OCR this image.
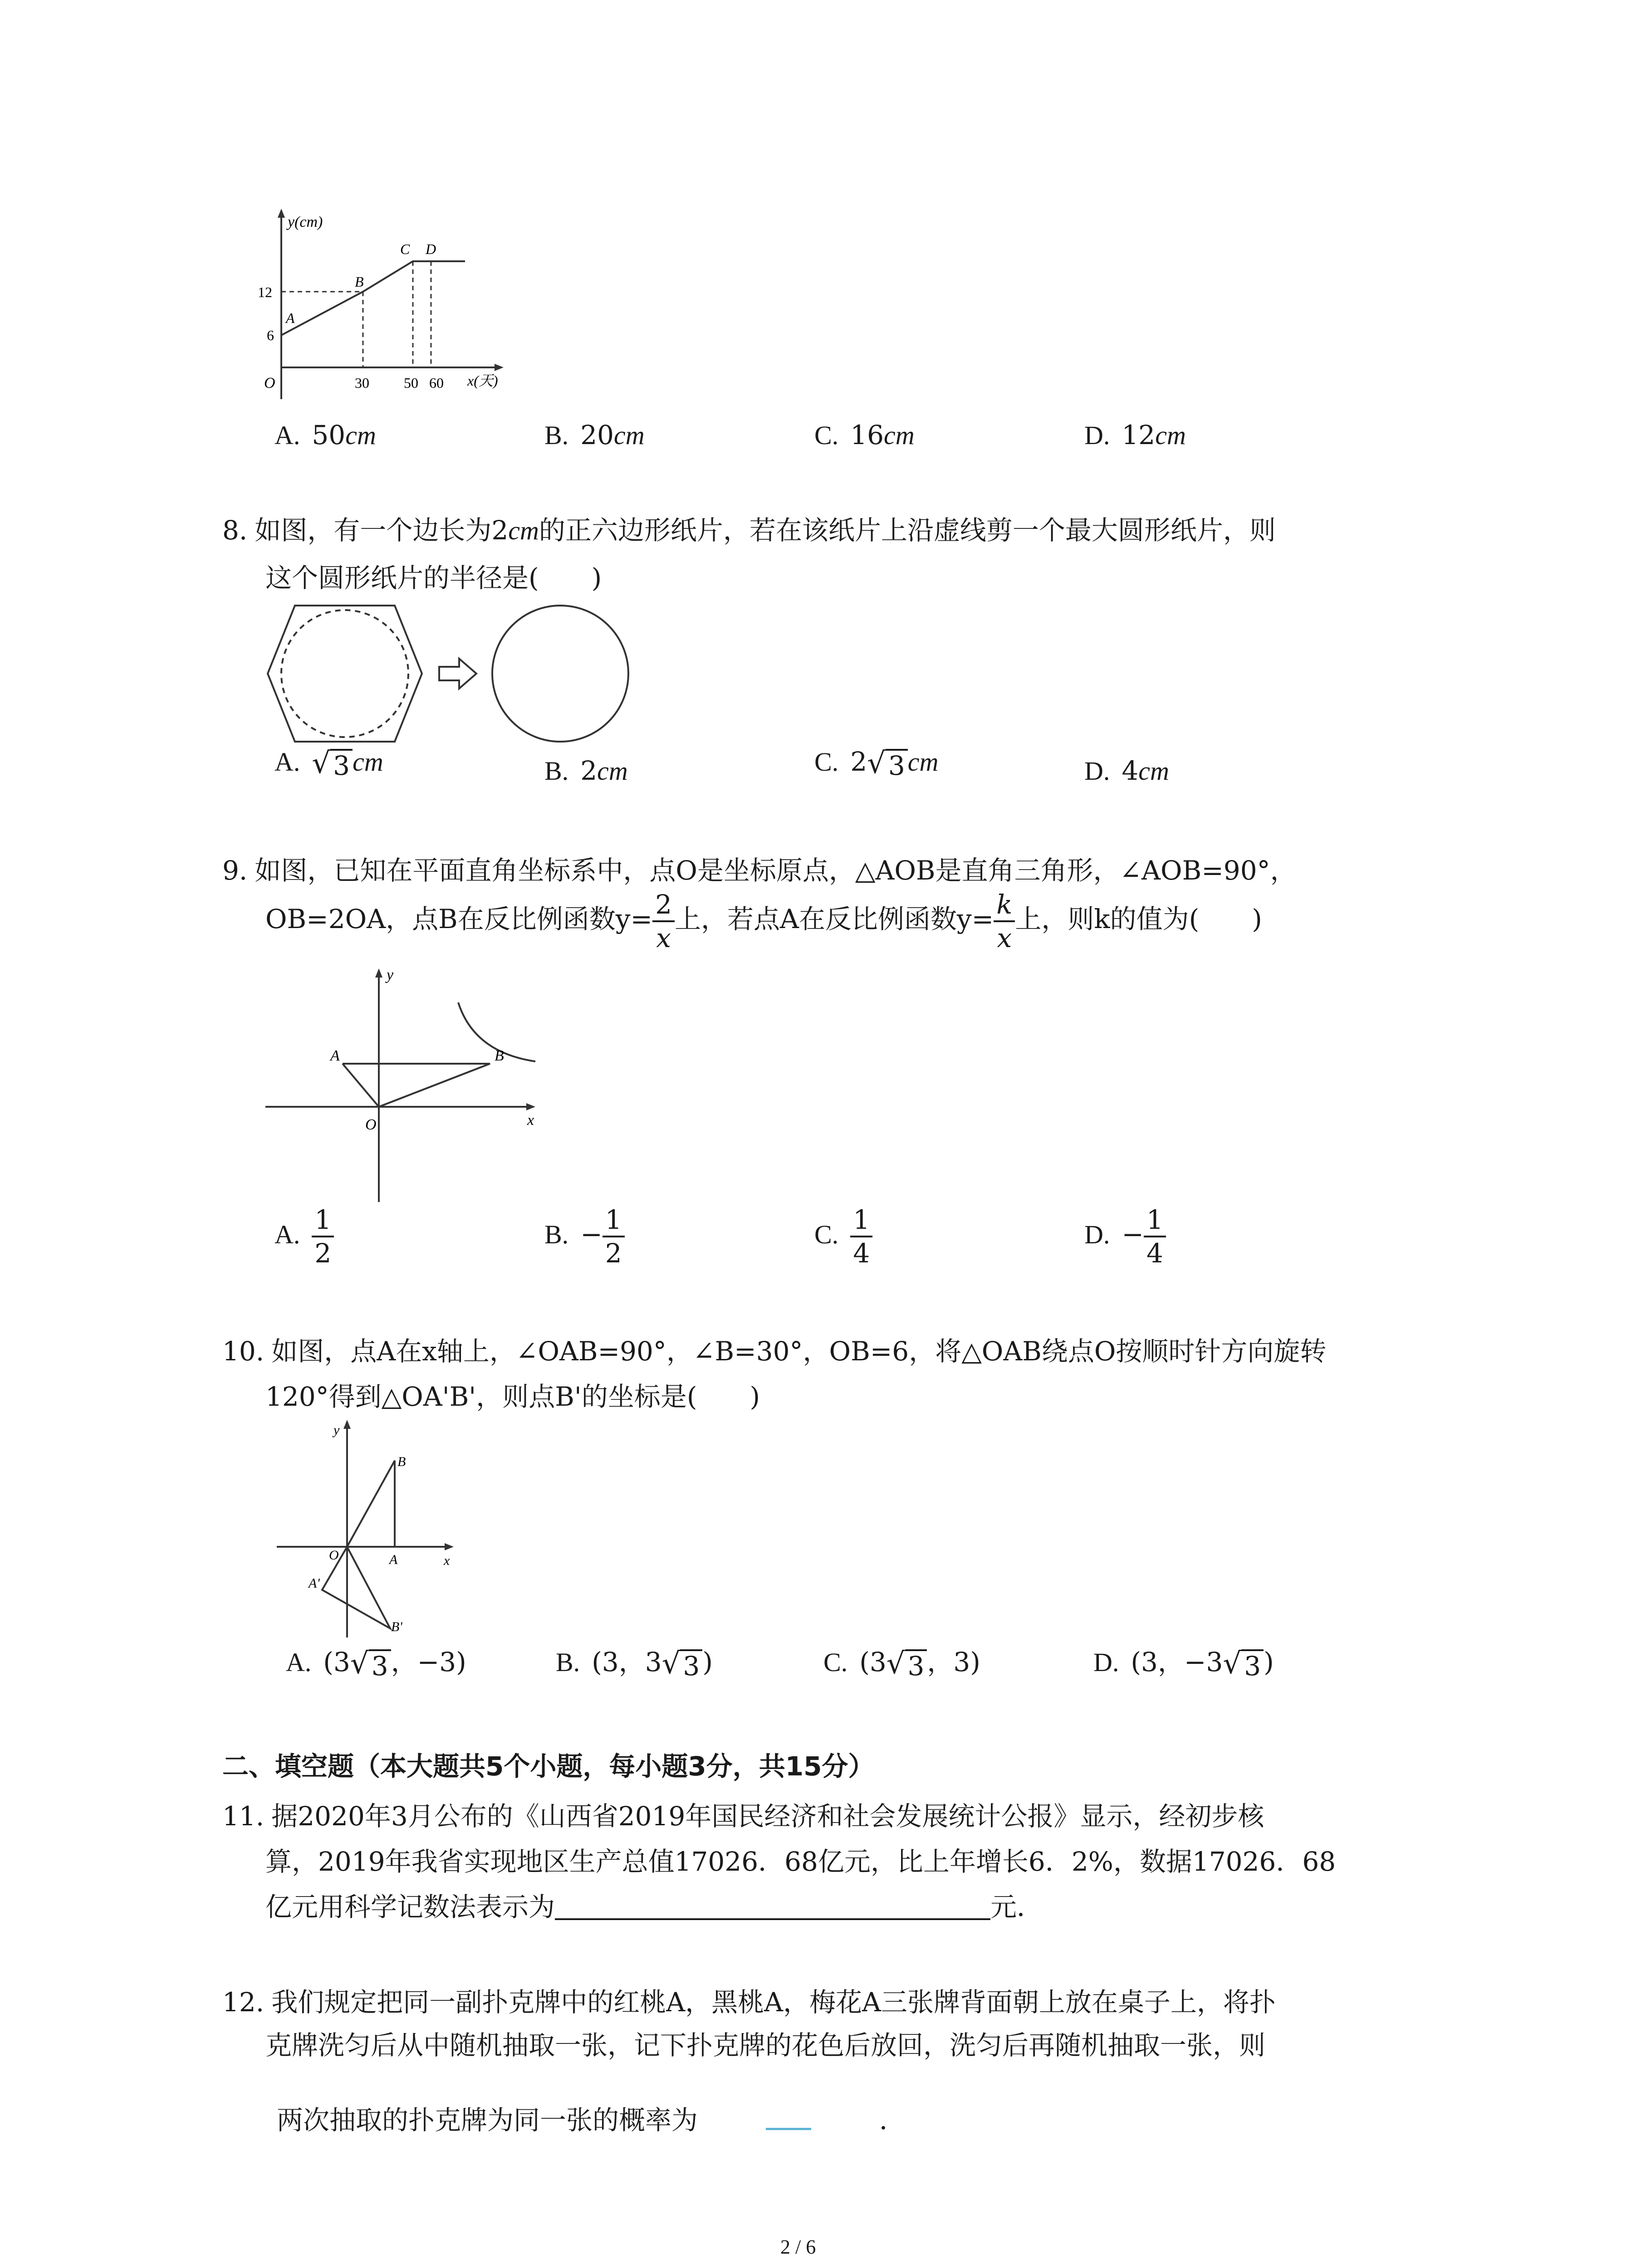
y(cm)
x(天)
O
12
6
30 50 60
A
B
C D
A. 50cm	B. 20cm	C. 16cm	D. 12cm
8. 如图，有一个边长为2cm的正六边形纸片，若在该纸片上沿虚线剪一个最大圆形纸片，则
这个圆形纸片的半径是(　　)
A. √ 3 cm	B. 2cm	C. 2 √ 3 cm	D. 4cm
9. 如图，已知在平面直角坐标系中，点O是坐标原点，△AOB是直角三角形，∠AOB=90°，
OB=2OA，点B在反比例函数$y= \frac{2}{x}$ 上，若点A在反比例函数$y= \frac{k}{x}$ 上，则k的值为(　　)
y
x
O
A	B
A. $\frac{1}{2}$	B. − $\frac{1}{2}$	C. $\frac{1}{4}$	D. − $\frac{1}{4}$
10. 如图，点A在x轴上，∠OAB=90°，∠B=30°，OB=6，将△OAB绕点O按顺时针方向旋转
120°得到△OA'B'，则点B'的坐标是(　　)
y
x
O	A
B
A'
B'
A. (3 √ 3 ，−3)	B. (3，3 √ 3 )	C. (3 √ 3 ，3)	D. (3，−3 √ 3 )
二、填空题（本大题共5个小题，每小题3分，共15分）
11. 据2020年3月公布的《山西省2019年国民经济和社会发展统计公报》显示，经初步核
算，2019年我省实现地区生产总值17026．68亿元，比上年增长6．2%，数据17026．68
亿元用科学记数法表示为	元．
12. 我们规定把同一副扑克牌中的红桃A，黑桃A，梅花A三张牌背面朝上放在桌子上，将扑
克牌洗匀后从中随机抽取一张，记下扑克牌的花色后放回，洗匀后再随机抽取一张，则
两次抽取的扑克牌为同一张的概率为	．
2 / 6
